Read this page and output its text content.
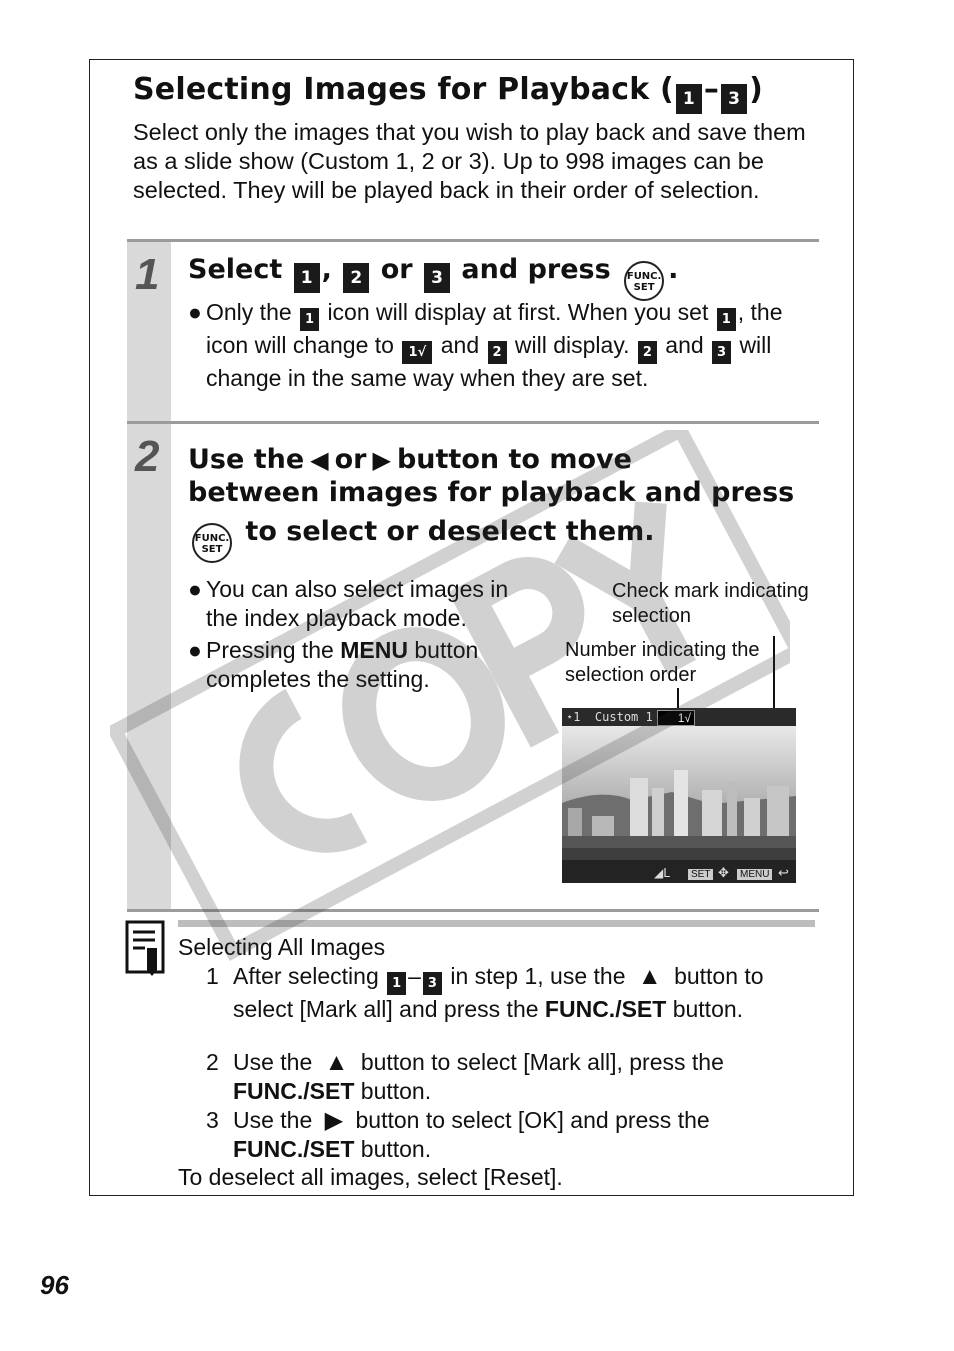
Selecting Images for Playback ( 1 – 3 )

Select only the images that you wish to play back and save them as a slide show (Custom 1, 2 or 3). Up to 998 images can be selected. They will be played back in their order of selection.

1 Select 1 , 2 or 3 and press FUNC.
SET
.
● Only the 1 icon will display at first. When you set 1 , the icon will change to 1√ and 2 will display. 2 and 3 will change in the same way when they are set.
2 Use the ◀ or ▶ button to move
between images for playback and press
FUNC.
SET
to select or deselect them.
● You can also select images in the index playback mode.
● Pressing the MENU button completes the setting.
Check mark indicating selection
Number indicating the selection order
⋆1 Custom 1	1√
◢L	SET ✥	MENU ↩

Selecting All Images

1 After selecting 1 – 3 in step 1, use the ▲ button to select [Mark all] and press the FUNC./SET button.
2 Use the ▲ button to select [Mark all], press the FUNC./SET button.
3 Use the ▶ button to select [OK] and press the FUNC./SET button.

To deselect all images, select [Reset].

96
